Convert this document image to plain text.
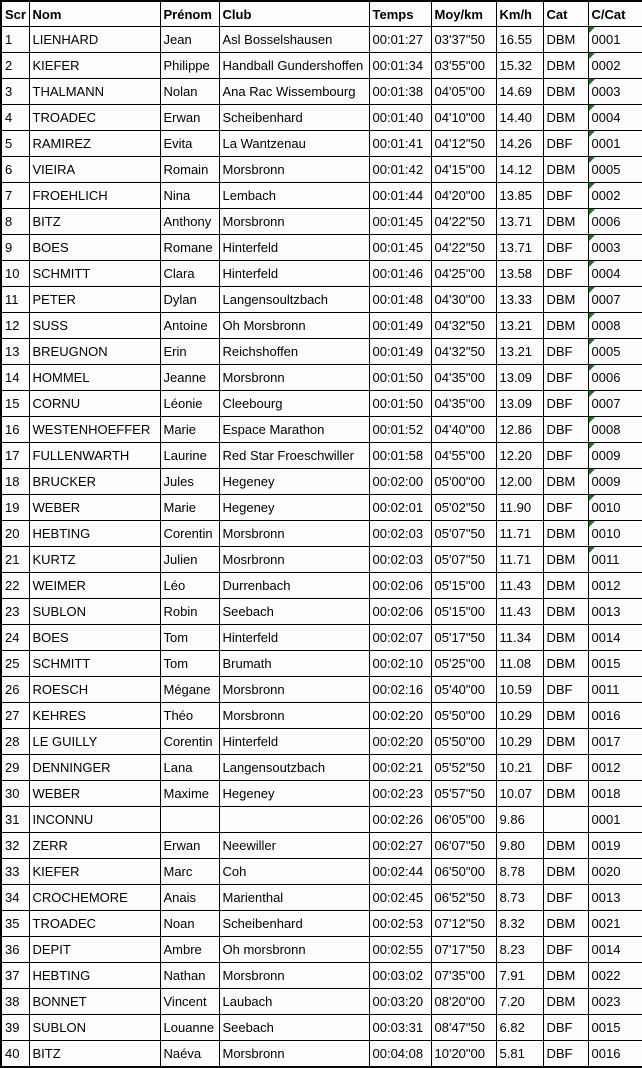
Scr	Nom	Prénom	Club	Temps	Moy/km	Km/h	Cat	C/Cat
1	LIENHARD	Jean	Asl Bosselshausen	00:01:27	03'37"50	16.55	DBM	0001
2	KIEFER	Philippe	Handball Gundershoffen	00:01:34	03'55"00	15.32	DBM	0002
3	THALMANN	Nolan	Ana Rac Wissembourg	00:01:38	04'05"00	14.69	DBM	0003
4	TROADEC	Erwan	Scheibenhard	00:01:40	04'10"00	14.40	DBM	0004
5	RAMIREZ	Evita	La Wantzenau	00:01:41	04'12"50	14.26	DBF	0001
6	VIEIRA	Romain	Morsbronn	00:01:42	04'15"00	14.12	DBM	0005
7	FROEHLICH	Nina	Lembach	00:01:44	04'20"00	13.85	DBF	0002
8	BITZ	Anthony	Morsbronn	00:01:45	04'22"50	13.71	DBM	0006
9	BOES	Romane	Hinterfeld	00:01:45	04'22"50	13.71	DBF	0003
10	SCHMITT	Clara	Hinterfeld	00:01:46	04'25"00	13.58	DBF	0004
11	PETER	Dylan	Langensoultzbach	00:01:48	04'30"00	13.33	DBM	0007
12	SUSS	Antoine	Oh Morsbronn	00:01:49	04'32"50	13.21	DBM	0008
13	BREUGNON	Erin	Reichshoffen	00:01:49	04'32"50	13.21	DBF	0005
14	HOMMEL	Jeanne	Morsbronn	00:01:50	04'35"00	13.09	DBF	0006
15	CORNU	Léonie	Cleebourg	00:01:50	04'35"00	13.09	DBF	0007
16	WESTENHOEFFER	Marie	Espace Marathon	00:01:52	04'40"00	12.86	DBF	0008
17	FULLENWARTH	Laurine	Red Star Froeschwiller	00:01:58	04'55"00	12.20	DBF	0009
18	BRUCKER	Jules	Hegeney	00:02:00	05'00"00	12.00	DBM	0009
19	WEBER	Marie	Hegeney	00:02:01	05'02"50	11.90	DBF	0010
20	HEBTING	Corentin	Morsbronn	00:02:03	05'07"50	11.71	DBM	0010
21	KURTZ	Julien	Mosrbronn	00:02:03	05'07"50	11.71	DBM	0011
22	WEIMER	Léo	Durrenbach	00:02:06	05'15"00	11.43	DBM	0012
23	SUBLON	Robin	Seebach	00:02:06	05'15"00	11.43	DBM	0013
24	BOES	Tom	Hinterfeld	00:02:07	05'17"50	11.34	DBM	0014
25	SCHMITT	Tom	Brumath	00:02:10	05'25"00	11.08	DBM	0015
26	ROESCH	Mégane	Morsbronn	00:02:16	05'40"00	10.59	DBF	0011
27	KEHRES	Théo	Morsbronn	00:02:20	05'50"00	10.29	DBM	0016
28	LE GUILLY	Corentin	Hinterfeld	00:02:20	05'50"00	10.29	DBM	0017
29	DENNINGER	Lana	Langensoutzbach	00:02:21	05'52"50	10.21	DBF	0012
30	WEBER	Maxime	Hegeney	00:02:23	05'57"50	10.07	DBM	0018
31	INCONNU			00:02:26	06'05"00	9.86		0001
32	ZERR	Erwan	Neewiller	00:02:27	06'07"50	9.80	DBM	0019
33	KIEFER	Marc	Coh	00:02:44	06'50"00	8.78	DBM	0020
34	CROCHEMORE	Anais	Marienthal	00:02:45	06'52"50	8.73	DBF	0013
35	TROADEC	Noan	Scheibenhard	00:02:53	07'12"50	8.32	DBM	0021
36	DEPIT	Ambre	Oh morsbronn	00:02:55	07'17"50	8.23	DBF	0014
37	HEBTING	Nathan	Morsbronn	00:03:02	07'35"00	7.91	DBM	0022
38	BONNET	Vincent	Laubach	00:03:20	08'20"00	7.20	DBM	0023
39	SUBLON	Louanne	Seebach	00:03:31	08'47"50	6.82	DBF	0015
40	BITZ	Naéva	Morsbronn	00:04:08	10'20"00	5.81	DBF	0016
